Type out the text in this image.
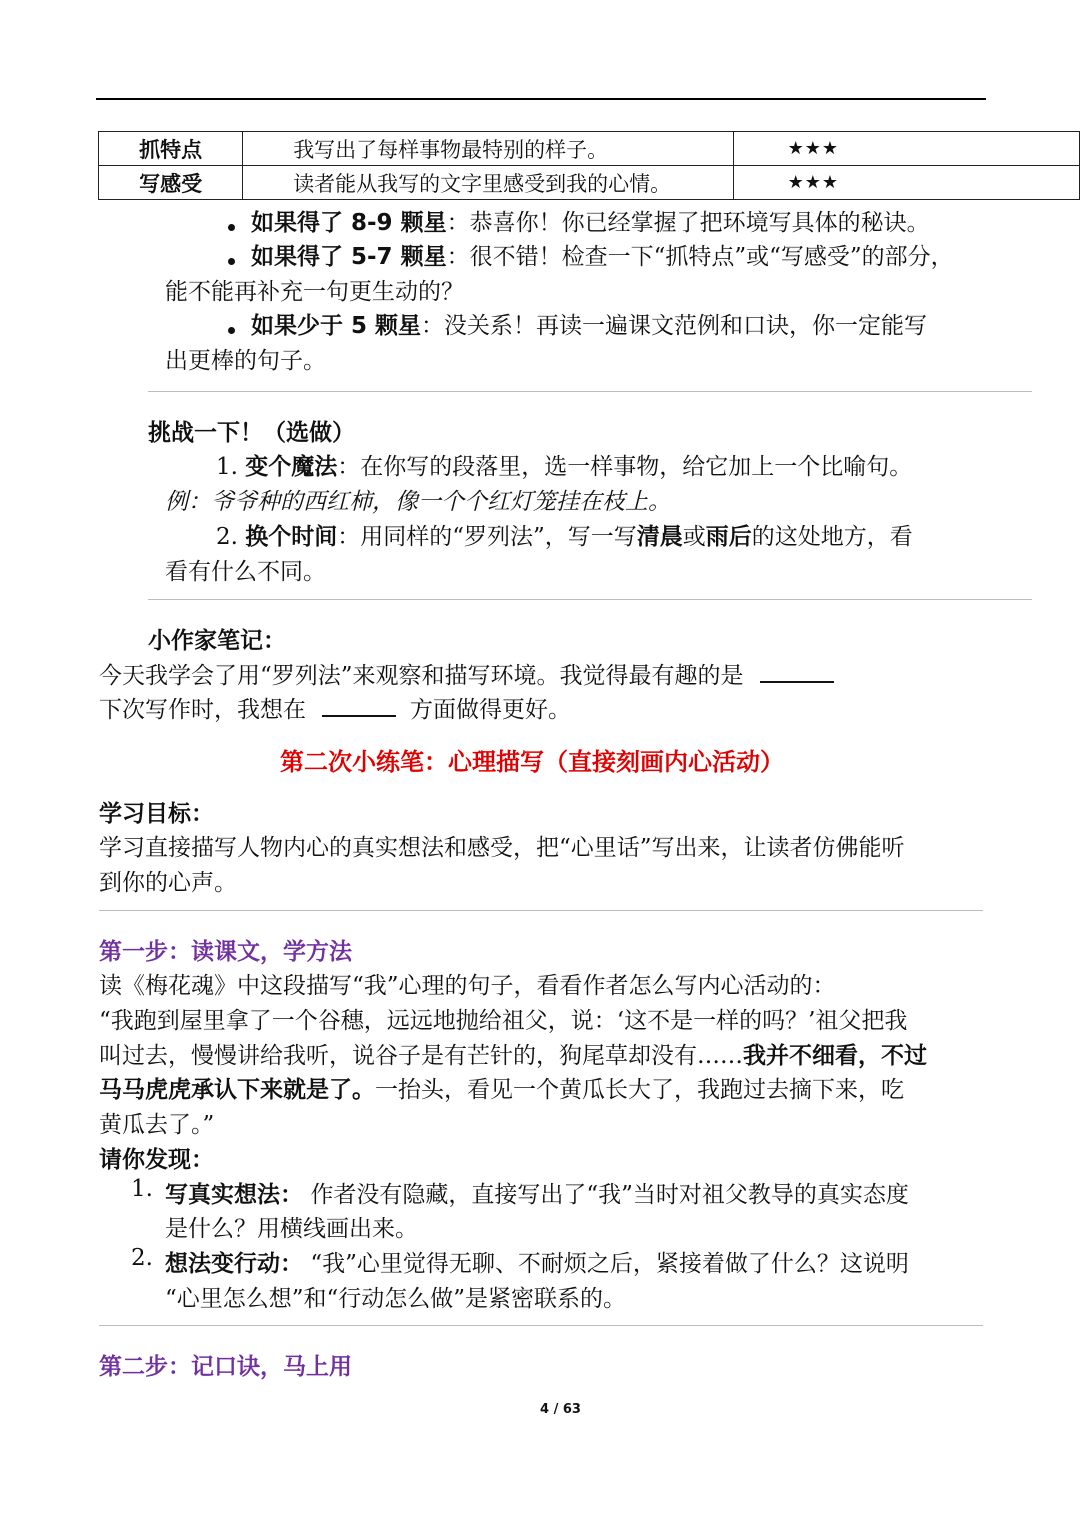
抓特点	我写出了每样事物最特别的样子。	★★★
写感受	读者能从我写的文字里感受到我的心情。	★★★
如果得了 8-9 颗星：恭喜你！你已经掌握了把环境写具体的秘诀。
如果得了 5-7 颗星：很不错！检查一下“抓特点”或“写感受”的部分，
能不能再补充一句更生动的？
如果少于 5 颗星：没关系！再读一遍课文范例和口诀，你一定能写
出更棒的句子。
挑战一下！（选做）
1. 变个魔法：在你写的段落里，选一样事物，给它加上一个比喻句。
例：爷爷种的西红柿，像一个个红灯笼挂在枝上。
2. 换个时间：用同样的“罗列法”，写一写清晨或雨后的这处地方，看
看有什么不同。
小作家笔记：
今天我学会了用“罗列法”来观察和描写环境。我觉得最有趣的是
下次写作时，我想在	方面做得更好。
第二次小练笔：心理描写（直接刻画内心活动）
学习目标：
学习直接描写人物内心的真实想法和感受，把“心里话”写出来，让读者仿佛能听
到你的心声。
第一步：读课文，学方法
读《梅花魂》中这段描写“我”心理的句子，看看作者怎么写内心活动的：
“我跑到屋里拿了一个谷穗，远远地抛给祖父，说：‘这不是一样的吗？’祖父把我
叫过去，慢慢讲给我听，说谷子是有芒针的，狗尾草却没有……我并不细看，不过
马马虎虎承认下来就是了。一抬头，看见一个黄瓜长大了，我跑过去摘下来，吃
黄瓜去了。”
请你发现：
1. 写真实想法： 作者没有隐藏，直接写出了“我”当时对祖父教导的真实态度
是什么？用横线画出来。
2. 想法变行动： “我”心里觉得无聊、不耐烦之后，紧接着做了什么？这说明
“心里怎么想”和“行动怎么做”是紧密联系的。
第二步：记口诀，马上用
4 / 63
